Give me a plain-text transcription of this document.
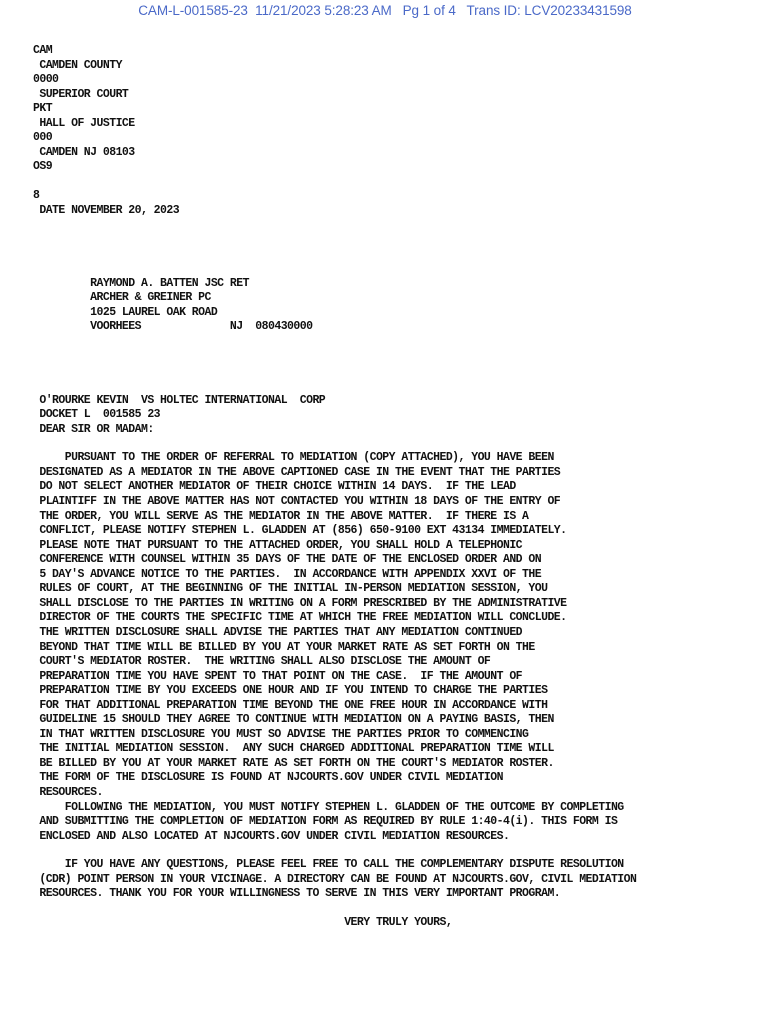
CAM-L-001585-23 11/21/2023 5:28:23 AM Pg 1 of 4 Trans ID: LCV20233431598
CAM
CAMDEN COUNTY
0000
SUPERIOR COURT
PKT
HALL OF JUSTICE
000
CAMDEN NJ 08103
OS9
8
DATE NOVEMBER 20, 2023
RAYMOND A. BATTEN JSC RET
ARCHER & GREINER PC
1025 LAUREL OAK ROAD
VOORHEES              NJ  080430000
O'ROURKE KEVIN  VS HOLTEC INTERNATIONAL  CORP
DOCKET L  001585 23
DEAR SIR OR MADAM:
PURSUANT TO THE ORDER OF REFERRAL TO MEDIATION (COPY ATTACHED), YOU HAVE BEEN
DESIGNATED AS A MEDIATOR IN THE ABOVE CAPTIONED CASE IN THE EVENT THAT THE PARTIES
DO NOT SELECT ANOTHER MEDIATOR OF THEIR CHOICE WITHIN 14 DAYS.  IF THE LEAD
PLAINTIFF IN THE ABOVE MATTER HAS NOT CONTACTED YOU WITHIN 18 DAYS OF THE ENTRY OF
THE ORDER, YOU WILL SERVE AS THE MEDIATOR IN THE ABOVE MATTER.  IF THERE IS A
CONFLICT, PLEASE NOTIFY STEPHEN L. GLADDEN AT (856) 650-9100 EXT 43134 IMMEDIATELY.
PLEASE NOTE THAT PURSUANT TO THE ATTACHED ORDER, YOU SHALL HOLD A TELEPHONIC
CONFERENCE WITH COUNSEL WITHIN 35 DAYS OF THE DATE OF THE ENCLOSED ORDER AND ON
5 DAY'S ADVANCE NOTICE TO THE PARTIES.  IN ACCORDANCE WITH APPENDIX XXVI OF THE
RULES OF COURT, AT THE BEGINNING OF THE INITIAL IN-PERSON MEDIATION SESSION, YOU
SHALL DISCLOSE TO THE PARTIES IN WRITING ON A FORM PRESCRIBED BY THE ADMINISTRATIVE
DIRECTOR OF THE COURTS THE SPECIFIC TIME AT WHICH THE FREE MEDIATION WILL CONCLUDE.
THE WRITTEN DISCLOSURE SHALL ADVISE THE PARTIES THAT ANY MEDIATION CONTINUED
BEYOND THAT TIME WILL BE BILLED BY YOU AT YOUR MARKET RATE AS SET FORTH ON THE
COURT'S MEDIATOR ROSTER.  THE WRITING SHALL ALSO DISCLOSE THE AMOUNT OF
PREPARATION TIME YOU HAVE SPENT TO THAT POINT ON THE CASE.  IF THE AMOUNT OF
PREPARATION TIME BY YOU EXCEEDS ONE HOUR AND IF YOU INTEND TO CHARGE THE PARTIES
FOR THAT ADDITIONAL PREPARATION TIME BEYOND THE ONE FREE HOUR IN ACCORDANCE WITH
GUIDELINE 15 SHOULD THEY AGREE TO CONTINUE WITH MEDIATION ON A PAYING BASIS, THEN
IN THAT WRITTEN DISCLOSURE YOU MUST SO ADVISE THE PARTIES PRIOR TO COMMENCING
THE INITIAL MEDIATION SESSION.  ANY SUCH CHARGED ADDITIONAL PREPARATION TIME WILL
BE BILLED BY YOU AT YOUR MARKET RATE AS SET FORTH ON THE COURT'S MEDIATOR ROSTER.
THE FORM OF THE DISCLOSURE IS FOUND AT NJCOURTS.GOV UNDER CIVIL MEDIATION
RESOURCES.
FOLLOWING THE MEDIATION, YOU MUST NOTIFY STEPHEN L. GLADDEN OF THE OUTCOME BY COMPLETING
AND SUBMITTING THE COMPLETION OF MEDIATION FORM AS REQUIRED BY RULE 1:40-4(i). THIS FORM IS
ENCLOSED AND ALSO LOCATED AT NJCOURTS.GOV UNDER CIVIL MEDIATION RESOURCES.
IF YOU HAVE ANY QUESTIONS, PLEASE FEEL FREE TO CALL THE COMPLEMENTARY DISPUTE RESOLUTION
(CDR) POINT PERSON IN YOUR VICINAGE. A DIRECTORY CAN BE FOUND AT NJCOURTS.GOV, CIVIL MEDIATION
RESOURCES. THANK YOU FOR YOUR WILLINGNESS TO SERVE IN THIS VERY IMPORTANT PROGRAM.
VERY TRULY YOURS,
